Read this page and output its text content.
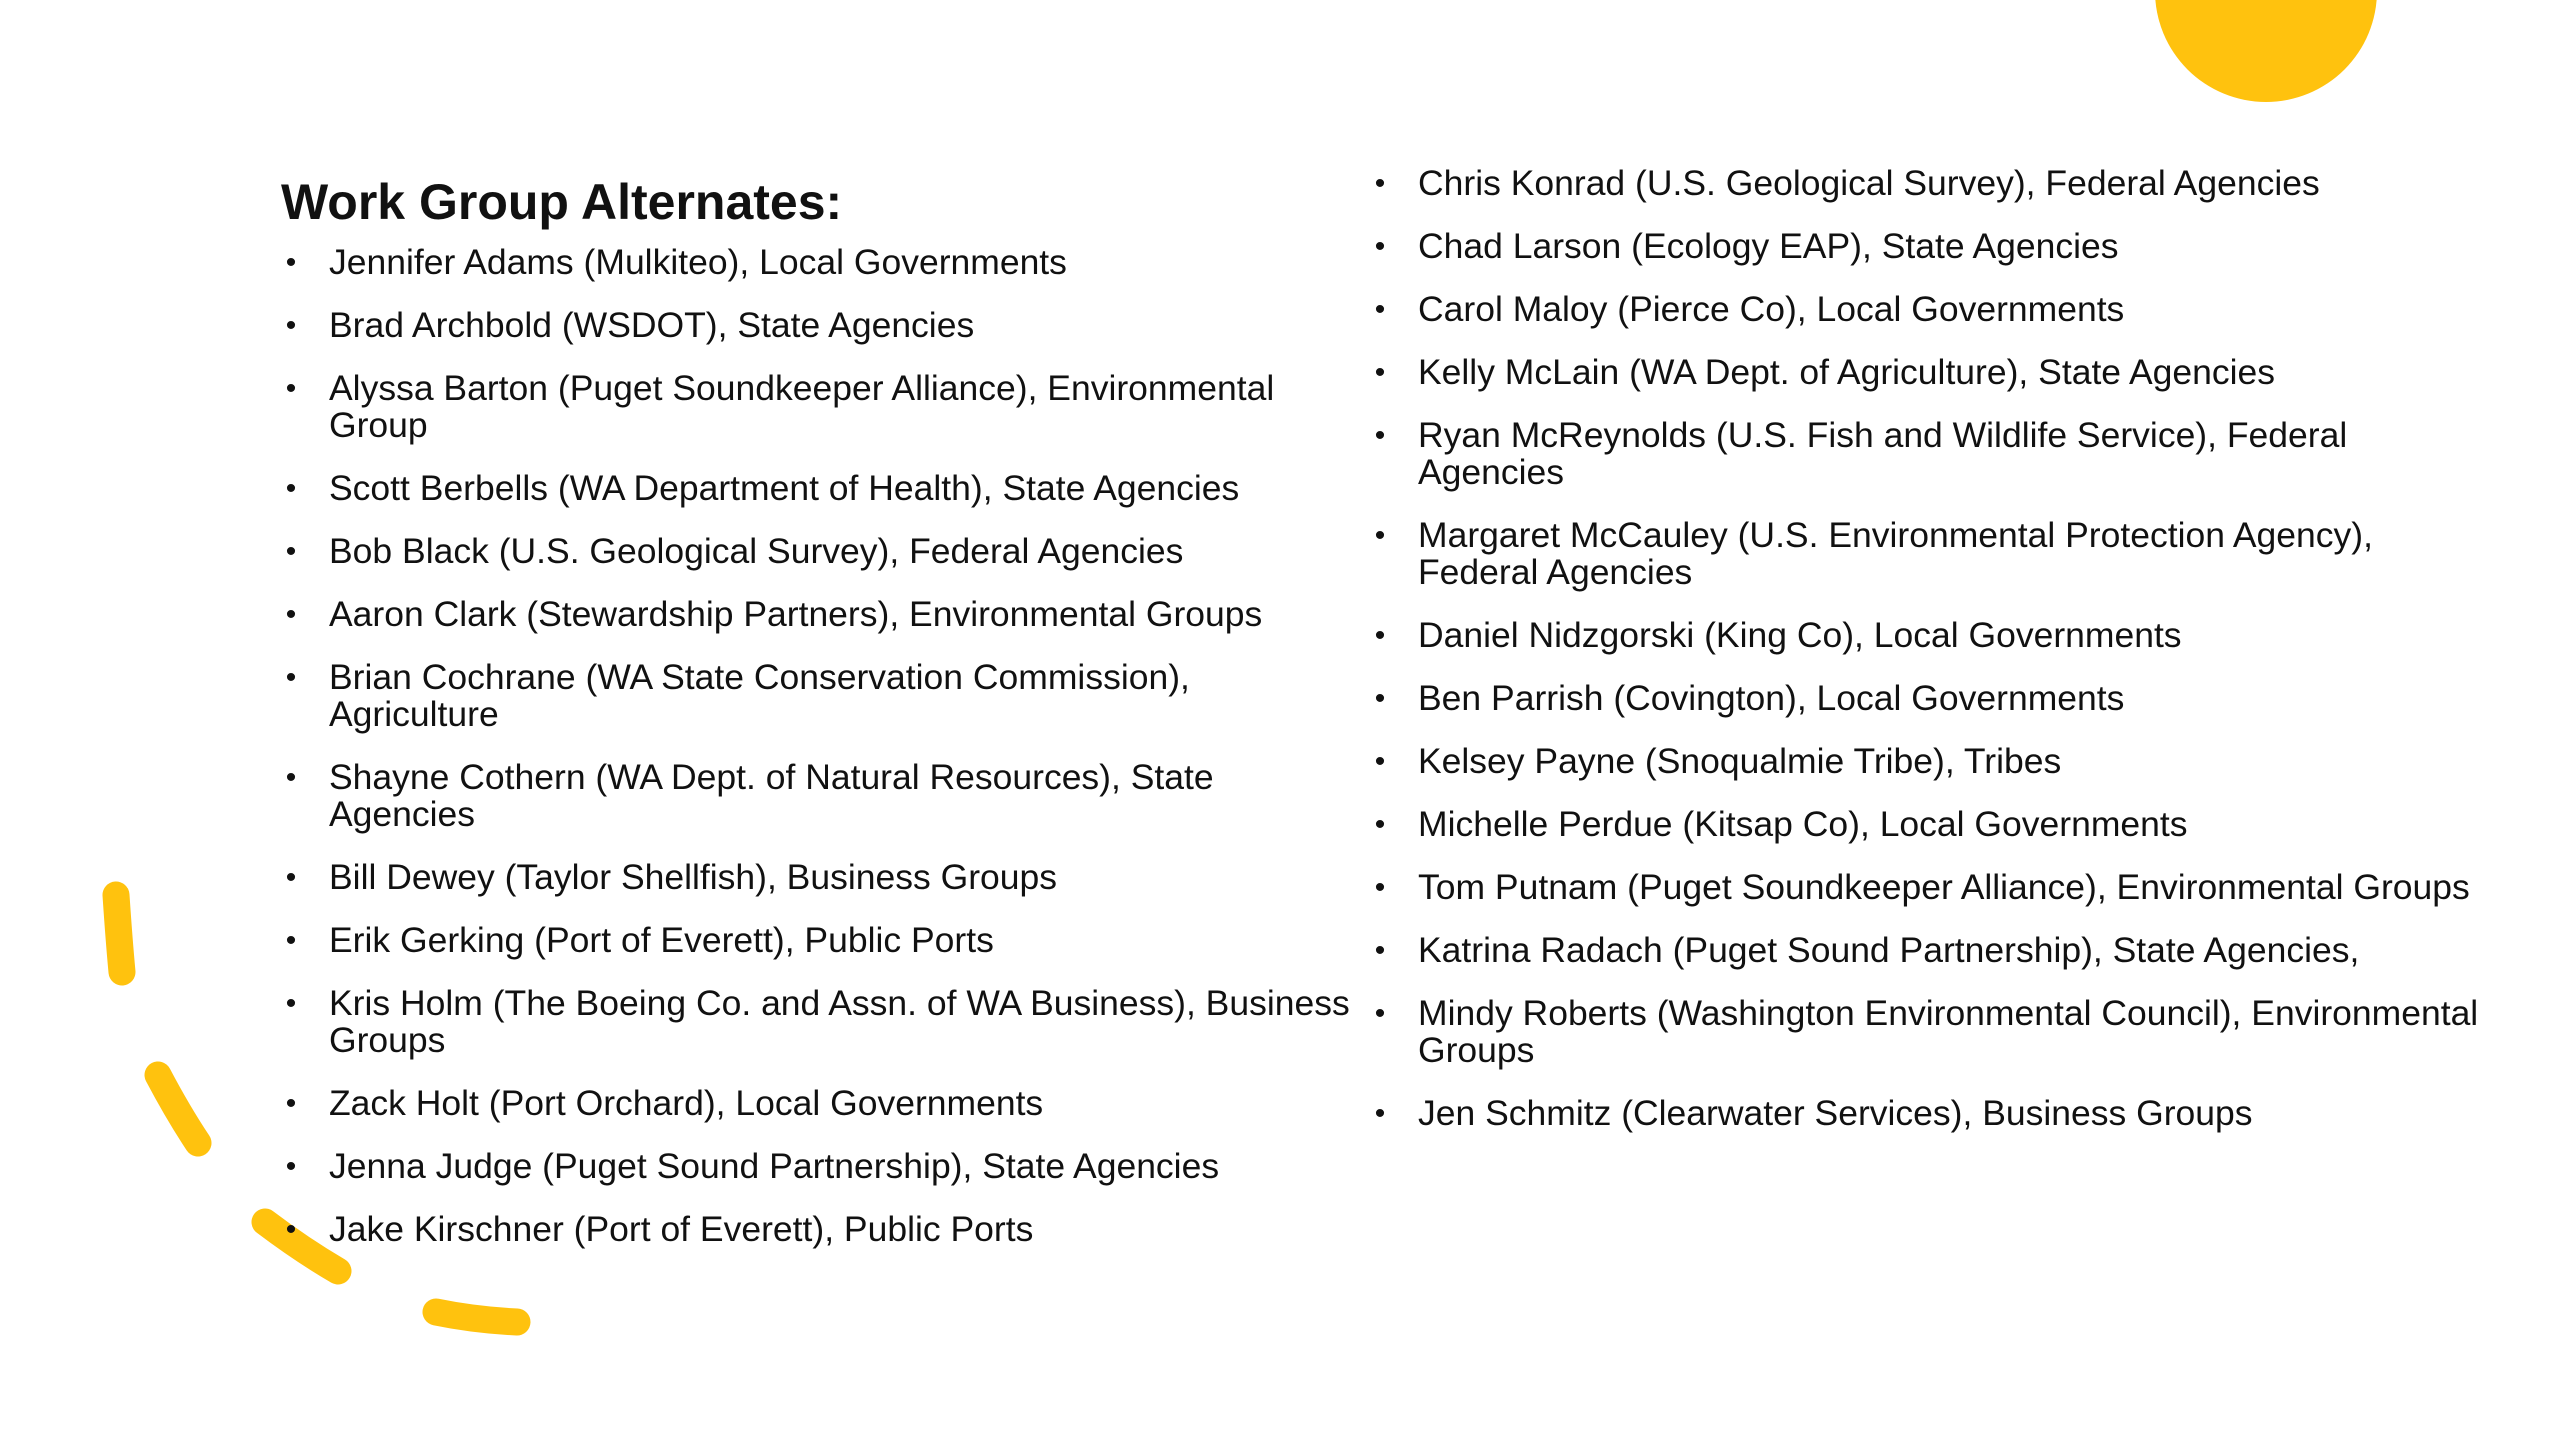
Work Group Alternates:
• Jennifer Adams (Mulkiteo), Local Governments
• Brad Archbold (WSDOT), State Agencies
• Alyssa Barton (Puget Soundkeeper Alliance), Environmental Group
• Scott Berbells (WA Department of Health), State Agencies
• Bob Black (U.S. Geological Survey), Federal Agencies
• Aaron Clark (Stewardship Partners), Environmental Groups
• Brian Cochrane (WA State Conservation Commission), Agriculture
• Shayne Cothern (WA Dept. of Natural Resources), State Agencies
• Bill Dewey (Taylor Shellfish), Business Groups
• Erik Gerking (Port of Everett), Public Ports
• Kris Holm (The Boeing Co. and Assn. of WA Business), Business Groups
• Zack Holt (Port Orchard), Local Governments
• Jenna Judge (Puget Sound Partnership), State Agencies
• Jake Kirschner (Port of Everett), Public Ports
• Chris Konrad (U.S. Geological Survey), Federal Agencies
• Chad Larson (Ecology EAP), State Agencies
• Carol Maloy (Pierce Co), Local Governments
• Kelly McLain (WA Dept. of Agriculture), State Agencies
• Ryan McReynolds (U.S. Fish and Wildlife Service), Federal Agencies
• Margaret McCauley (U.S. Environmental Protection Agency), Federal Agencies
• Daniel Nidzgorski (King Co), Local Governments
• Ben Parrish (Covington), Local Governments
• Kelsey Payne (Snoqualmie Tribe), Tribes
• Michelle Perdue (Kitsap Co), Local Governments
• Tom Putnam (Puget Soundkeeper Alliance), Environmental Groups
• Katrina Radach (Puget Sound Partnership), State Agencies,
• Mindy Roberts (Washington Environmental Council), Environmental Groups
• Jen Schmitz (Clearwater Services), Business Groups
